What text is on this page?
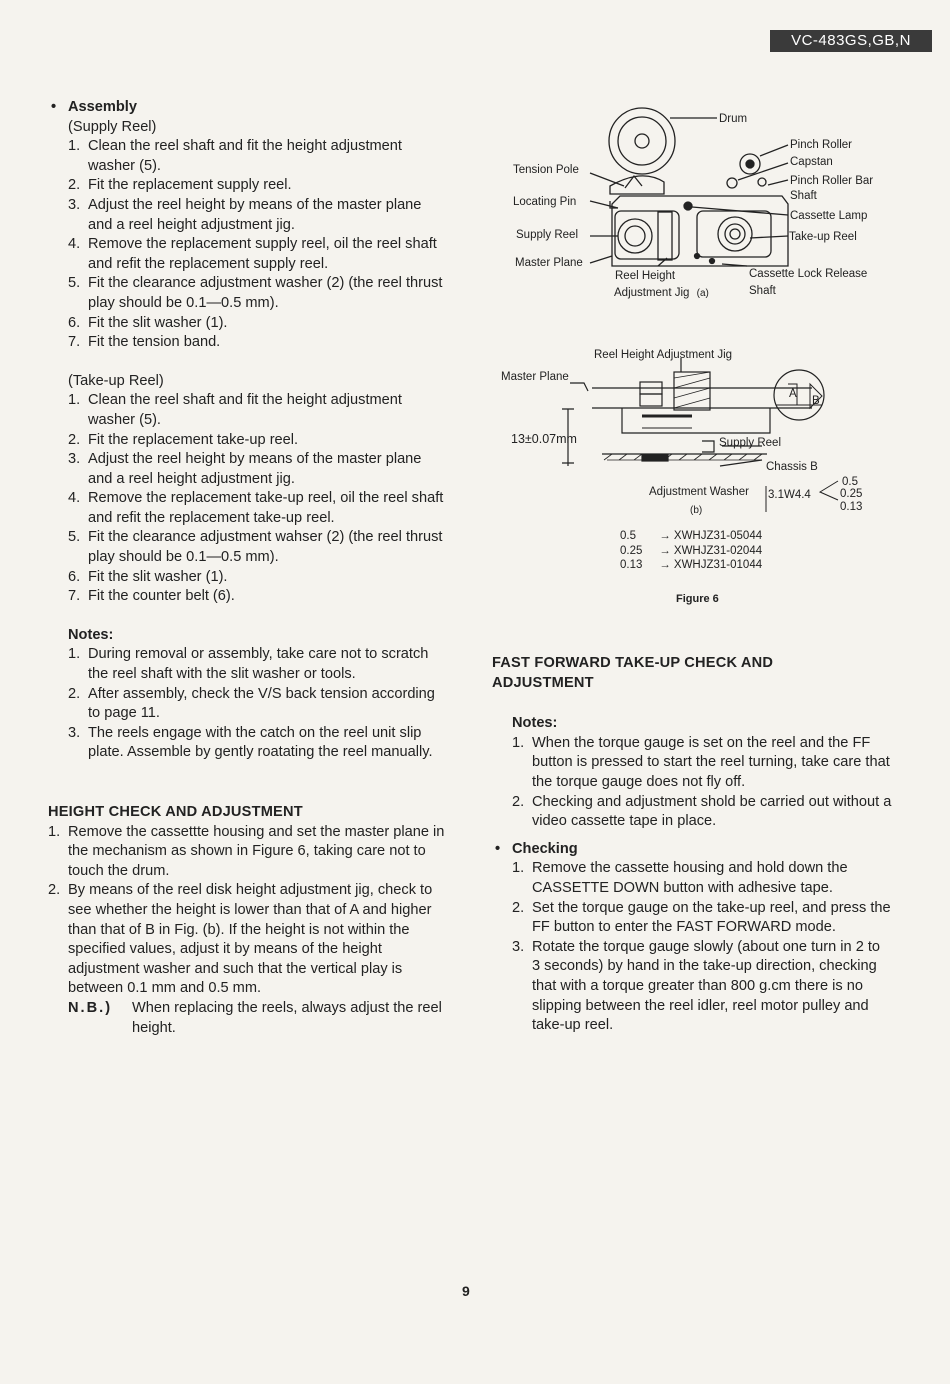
VC-483GS,GB,N

• Assembly

(Supply Reel)

1. Clean the reel shaft and fit the height adjustment washer (5).
2. Fit the replacement supply reel.
3. Adjust the reel height by means of the master plane and a reel height adjustment jig.
4. Remove the replacement supply reel, oil the reel shaft and refit the replacement supply reel.
5. Fit the clearance adjustment washer (2) (the reel thrust play should be 0.1—0.5 mm).
6. Fit the slit washer (1).
7. Fit the tension band.

(Take-up Reel)

1. Clean the reel shaft and fit the height adjustment washer (5).
2. Fit the replacement take-up reel.
3. Adjust the reel height by means of the master plane and a reel height adjustment jig.
4. Remove the replacement take-up reel, oil the reel shaft and refit the replacement take-up reel.
5. Fit the clearance adjustment wahser (2) (the reel thrust play should be 0.1—0.5 mm).
6. Fit the slit washer (1).
7. Fit the counter belt (6).

Notes:

1. During removal or assembly, take care not to scratch the reel shaft with the slit washer or tools.
2. After assembly, check the V/S back tension according to page 11.
3. The reels engage with the catch on the reel unit slip plate. Assemble by gently roatating the reel manually.

HEIGHT CHECK AND ADJUSTMENT

1. Remove the cassettte housing and set the master plane in the mechanism as shown in Figure 6, taking care not to touch the drum.
2. By means of the reel disk height adjustment jig, check to see whether the height is lower than that of A and higher than that of B in Fig. (b). If the height is not within the specified values, adjust it by means of the height adjustment washer and such that the vertical play is between 0.1 mm and 0.5 mm.
N.B.) When replacing the reels, always adjust the reel height.
Drum
Pinch Roller
Capstan
Pinch Roller Bar
Shaft
Cassette Lamp
Take-up Reel
Tension Pole
Locating Pin
Supply Reel
Master Plane
Reel Height
Adjustment Jig (a)
Cassette Lock Release
Shaft
Reel Height Adjustment Jig
Master Plane
A
B
13±0.07mm	Supply Reel
Chassis B
Adjustment Washer 3.1W4.4
0.5
0.25
0.13
(b)
0.5 → XWHJZ31-05044
0.25 → XWHJZ31-02044
0.13 → XWHJZ31-01044
Figure 6

FAST FORWARD TAKE-UP CHECK AND

ADJUSTMENT

Notes:

1. When the torque gauge is set on the reel and the FF button is pressed to start the reel turning, take care that the torque gauge does not fly off.
2. Checking and adjustment shold be carried out without a video cassette tape in place.

• Checking

1. Remove the cassette housing and hold down the CASSETTE DOWN button with adhesive tape.
2. Set the torque gauge on the take-up reel, and press the FF button to enter the FAST FORWARD mode.
3. Rotate the torque gauge slowly (about one turn in 2 to 3 seconds) by hand in the take-up direction, checking that with a torque greater than 800 g.cm there is no slipping between the reel idler, reel motor pulley and take-up reel.
9
